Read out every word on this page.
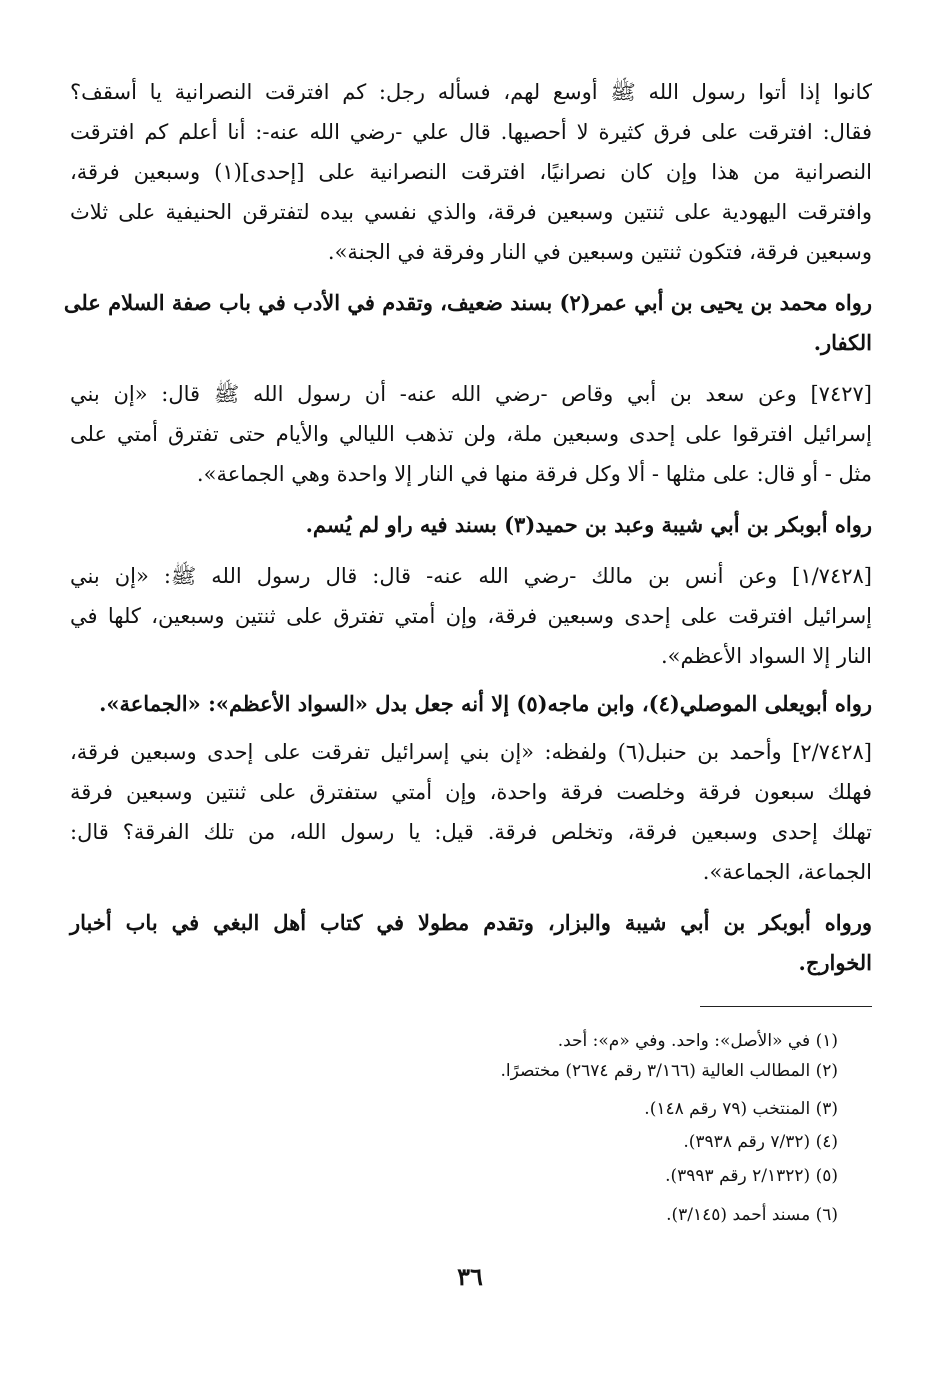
كانوا إذا أتوا رسول الله ﷺ أوسع لهم، فسأله رجل: كم افترقت النصرانية يا أسقف؟
فقال: افترقت على فرق كثيرة لا أحصيها. قال علي -رضي الله عنه-: أنا أعلم كم افترقت
النصرانية من هذا وإن كان نصرانيًا، افترقت النصرانية على [إحدى](١) وسبعين فرقة،
وافترقت اليهودية على ثنتين وسبعين فرقة، والذي نفسي بيده لتفترقن الحنيفية على ثلاث
وسبعين فرقة، فتكون ثنتين وسبعين في النار وفرقة في الجنة».
رواه محمد بن يحيى بن أبي عمر(٢) بسند ضعيف، وتقدم في الأدب في باب صفة السلام على
الكفار.
[٧٤٢٧] وعن سعد بن أبي وقاص -رضي الله عنه- أن رسول الله ﷺ قال: «إن بني
إسرائيل افترقوا على إحدى وسبعين ملة، ولن تذهب الليالي والأيام حتى تفترق أمتي على
مثل - أو قال: على مثلها - ألا وكل فرقة منها في النار إلا واحدة وهي الجماعة».
رواه أبوبكر بن أبي شيبة وعبد بن حميد(٣) بسند فيه راو لم يُسم.
[١/٧٤٢٨] وعن أنس بن مالك -رضي الله عنه- قال: قال رسول الله ﷺ: «إن بني
إسرائيل افترقت على إحدى وسبعين فرقة، وإن أمتي تفترق على ثنتين وسبعين، كلها في
النار إلا السواد الأعظم».
رواه أبويعلى الموصلي(٤)، وابن ماجه(٥) إلا أنه جعل بدل «السواد الأعظم»: «الجماعة».
[٢/٧٤٢٨] وأحمد بن حنبل(٦) ولفظه: «إن بني إسرائيل تفرقت على إحدى وسبعين فرقة،
فهلك سبعون فرقة وخلصت فرقة واحدة، وإن أمتي ستفترق على ثنتين وسبعين فرقة
تهلك إحدى وسبعين فرقة، وتخلص فرقة. قيل: يا رسول الله، من تلك الفرقة؟ قال:
الجماعة، الجماعة».
ورواه أبوبكر بن أبي شيبة والبزار، وتقدم مطولا في كتاب أهل البغي في باب أخبار
الخوارج.
(١) في «الأصل»: واحد. وفي «م»: أحد.
(٢) المطالب العالية (٣/١٦٦ رقم ٢٦٧٤) مختصرًا.
(٣) المنتخب (٧٩ رقم ١٤٨).
(٤) (٧/٣٢ رقم ٣٩٣٨).
(٥) (٢/١٣٢٢ رقم ٣٩٩٣).
(٦) مسند أحمد (٣/١٤٥).
٣٦
